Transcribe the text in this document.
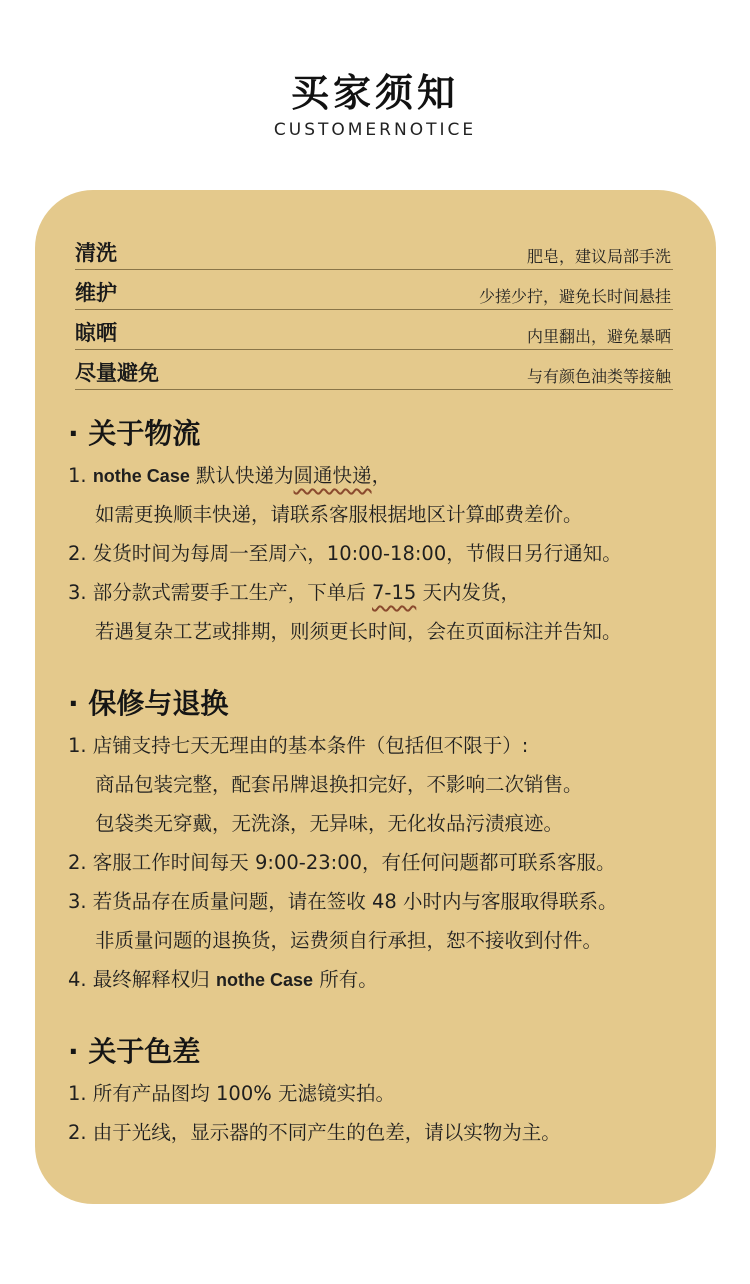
买家须知
CUSTOMERNOTICE
清洗	肥皂，建议局部手洗
维护	少搓少拧，避免长时间悬挂
晾晒	内里翻出，避免暴晒
尽量避免	与有颜色油类等接触
· 关于物流
1. nothe Case 默认快递为圆通快递，
如需更换顺丰快递，请联系客服根据地区计算邮费差价。
2. 发货时间为每周一至周六，10:00-18:00，节假日另行通知。
3. 部分款式需要手工生产，下单后 7-15 天内发货，
若遇复杂工艺或排期，则须更长时间，会在页面标注并告知。
· 保修与退换
1. 店铺支持七天无理由的基本条件（包括但不限于）:
商品包装完整，配套吊牌退换扣完好，不影响二次销售。
包袋类无穿戴，无洗涤，无异味，无化妆品污渍痕迹。
2. 客服工作时间每天 9:00-23:00，有任何问题都可联系客服。
3. 若货品存在质量问题，请在签收 48 小时内与客服取得联系。
非质量问题的退换货，运费须自行承担，恕不接收到付件。
4. 最终解释权归 nothe Case 所有。
· 关于色差
1. 所有产品图均 100% 无滤镜实拍。
2. 由于光线，显示器的不同产生的色差，请以实物为主。
